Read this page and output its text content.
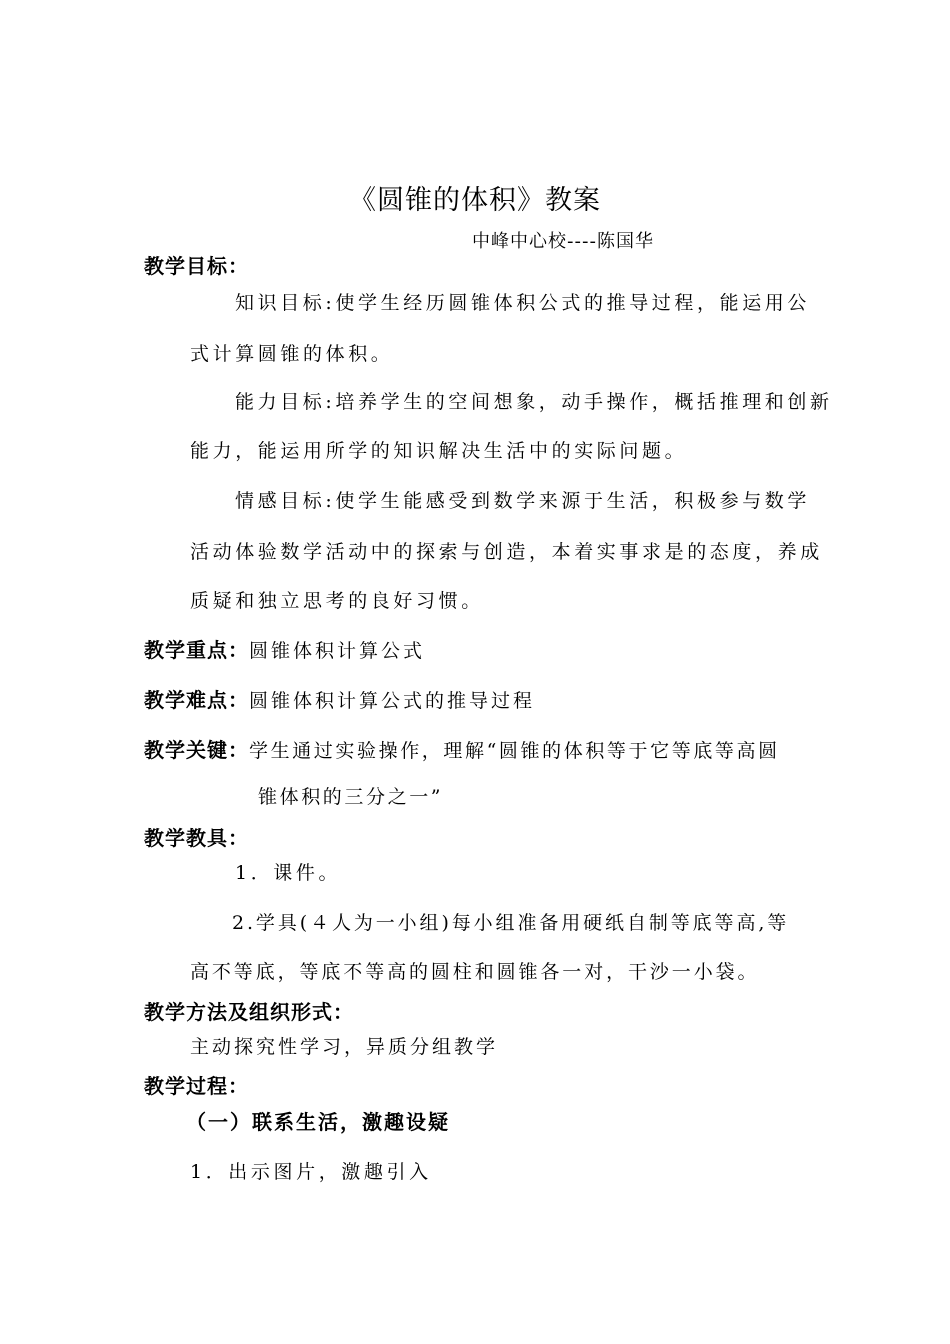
《圆锥的体积》教案
中峰中心校----陈国华
教学目标：
知识目标:使学生经历圆锥体积公式的推导过程，能运用公
式计算圆锥的体积。
能力目标:培养学生的空间想象，动手操作，概括推理和创新
能力，能运用所学的知识解决生活中的实际问题。
情感目标:使学生能感受到数学来源于生活，积极参与数学
活动体验数学活动中的探索与创造，本着实事求是的态度，养成
质疑和独立思考的良好习惯。
教学重点：圆锥体积计算公式
教学难点：圆锥体积计算公式的推导过程
教学关键：学生通过实验操作，理解“圆锥的体积等于它等底等高圆
锥体积的三分之一”
教学教具：
1．课件。
2.学具(４人为一小组)每小组准备用硬纸自制等底等高,等
高不等底，等底不等高的圆柱和圆锥各一对，干沙一小袋。
教学方法及组织形式：
主动探究性学习，异质分组教学
教学过程：
（一）联系生活，激趣设疑
1．出示图片，激趣引入
